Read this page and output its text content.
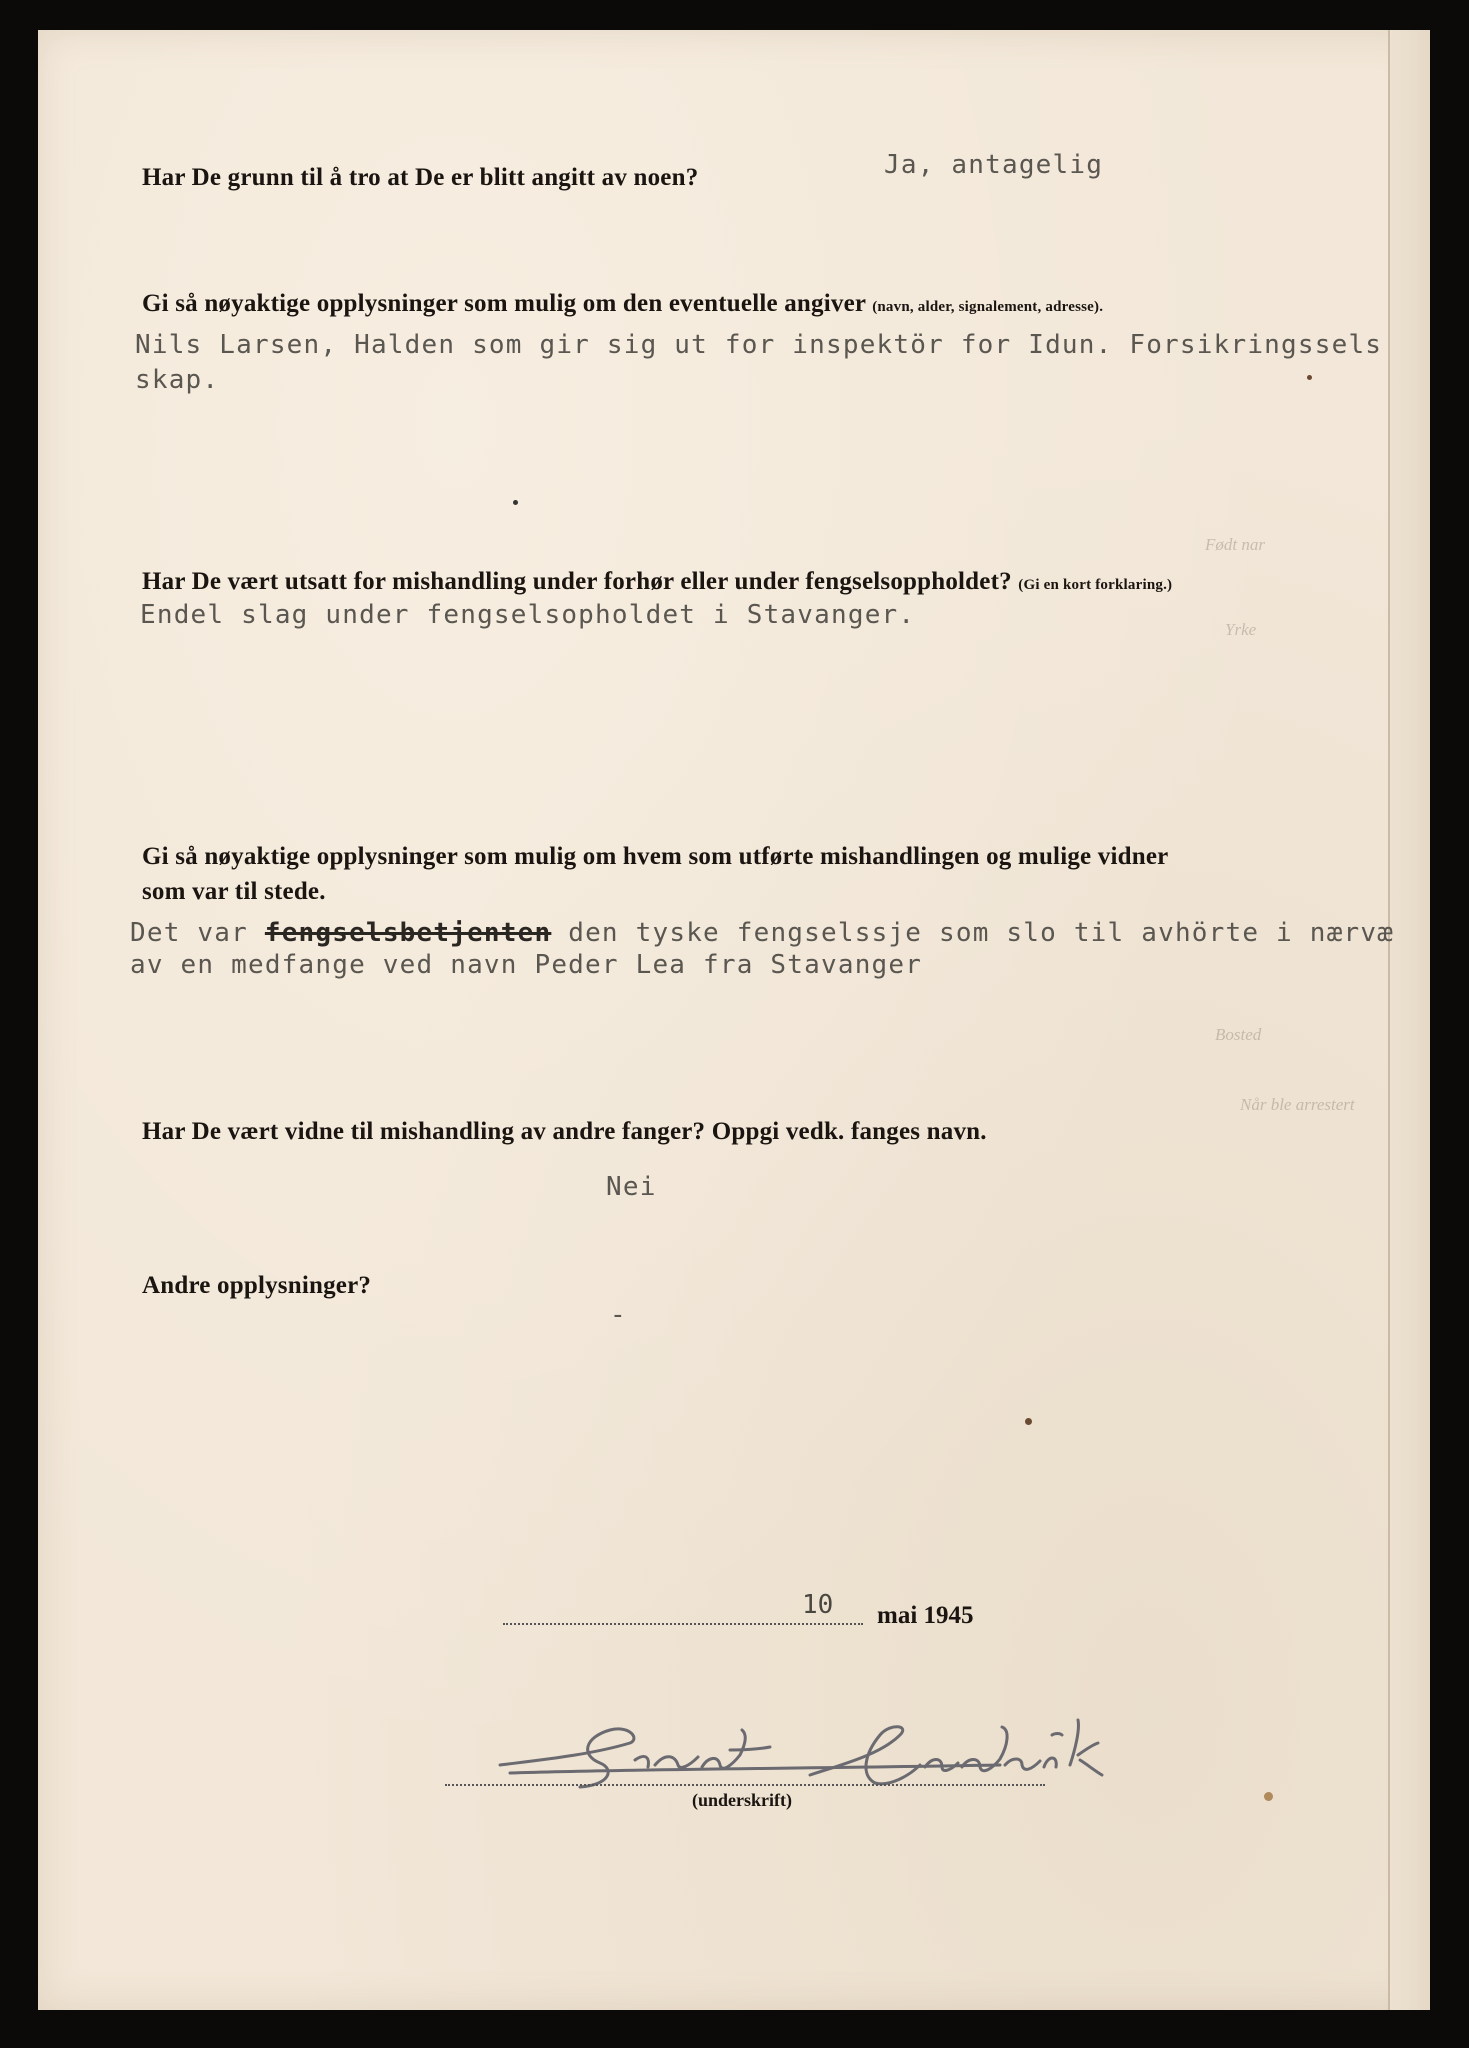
Født nar
Yrke
Bosted
Når ble arrestert
Har De grunn til å tro at De er blitt angitt av noen?	Ja, antagelig
Gi så nøyaktige opplysninger som mulig om den eventuelle angiver (navn, alder, signalement, adresse).
Nils Larsen, Halden som gir sig ut for inspektör for Idun. Forsikringssels
skap.
Har De vært utsatt for mishandling under forhør eller under fengselsoppholdet? (Gi en kort forklaring.)
Endel slag under fengselsopholdet i Stavanger.
Gi så nøyaktige opplysninger som mulig om hvem som utførte mishandlingen og mulige vidner
som var til stede.
Det var fengselsbetjenten den tyske fengselssje som slo til avhörte i nærvæ
av en medfange ved navn Peder Lea fra Stavanger
Har De vært vidne til mishandling av andre fanger? Oppgi vedk. fanges navn.
Nei
Andre opplysninger?
-
10 mai 1945
(underskrift)
